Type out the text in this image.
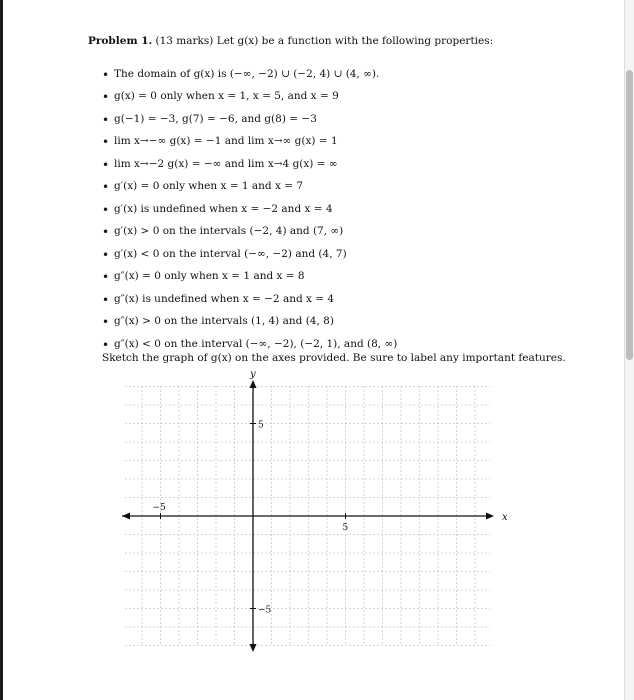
Problem 1. (13 marks) Let g(x) be a function with the following properties:
• The domain of g(x) is (−∞, −2) ∪ (−2, 4) ∪ (4, ∞).
• g(x) = 0 only when x = 1, x = 5, and x = 9
• g(−1) = −3, g(7) = −6, and g(8) = −3
• lim x→−∞ g(x) = −1 and lim x→∞ g(x) = 1
• lim x→−2 g(x) = −∞ and lim x→4 g(x) = ∞
• g′(x) = 0 only when x = 1 and x = 7
• g′(x) is undefined when x = −2 and x = 4
• g′(x) > 0 on the intervals (−2, 4) and (7, ∞)
• g′(x) < 0 on the interval (−∞, −2) and (4, 7)
• g″(x) = 0 only when x = 1 and x = 8
• g″(x) is undefined when x = −2 and x = 4
• g″(x) > 0 on the intervals (1, 4) and (4, 8)
• g″(x) < 0 on the interval (−∞, −2), (−2, 1), and (8, ∞)
Sketch the graph of g(x) on the axes provided. Be sure to label any important features.
−5
5
5
−5
x
y
